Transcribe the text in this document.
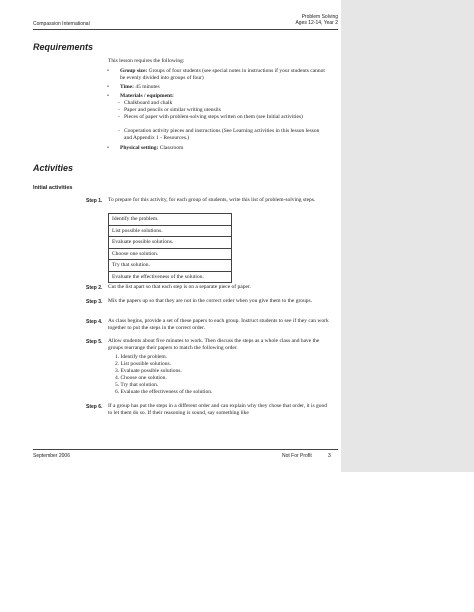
Compassion International
Problem Solving
Ages 12-14, Year 2
Requirements
This lesson requires the following:
• Group size: Groups of four students (see special notes in instructions if your students cannot be evenly divided into groups of four)
• Time: 45 minutes
• Materials / equipment:
- Chalkboard and chalk
- Paper and pencils or similar writing utensils
- Pieces of paper with problem-solving steps written on them (see Initial activities)
- Cooperation activity pieces and instructions (See Learning activities in this lesson lesson and Appendix 1 - Resources.)
• Physical setting: Classroom
Activities
Initial activities
Step 1. To prepare for this activity, for each group of students, write this list of problem-solving steps.
Identify the problem.
List possible solutions.
Evaluate possible solutions.
Choose one solution.
Try that solution.
Evaluate the effectiveness of the solution.
Step 2. Cut the list apart so that each step is on a separate piece of paper.
Step 3. Mix the papers up so that they are not in the correct order when you give them to the groups.
Step 4. As class begins, provide a set of these papers to each group. Instruct students to see if they can work together to put the steps in the correct order.
Step 5. Allow students about five minutes to work. Then discuss the steps as a whole class and have the groups rearrange their papers to match the following order.
1. Identify the problem.
2. List possible solutions.
3. Evaluate possible solutions.
4. Choose one solution.
5. Try that solution.
6. Evaluate the effectiveness of the solution.
Step 6. If a group has put the steps in a different order and can explain why they chose that order, it is good to let them do so. If their reasoning is sound, say something like
September 2006	Not For Profit	3
